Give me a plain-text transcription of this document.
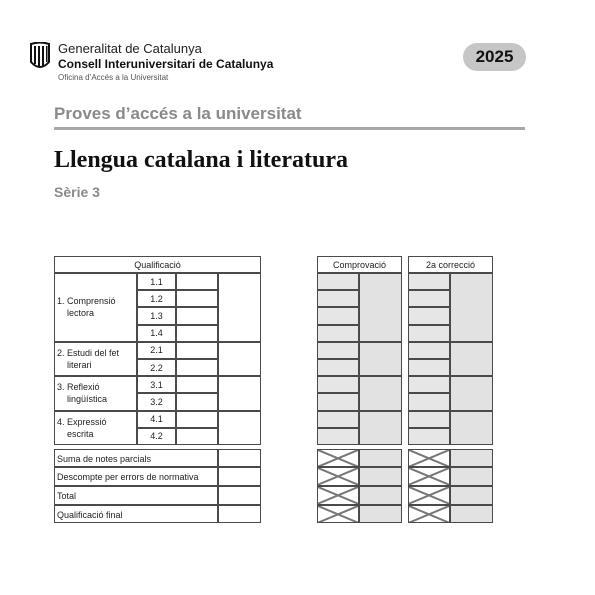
Generalitat de Catalunya
Consell Interuniversitari de Catalunya
Oficina d’Accés a la Universitat
2025
Proves d’accés a la universitat
Llengua catalana i literatura
Sèrie 3
Qualificació
1. Comprensió
lectora
1.1
1.2
1.3
1.4
2. Estudi del fet
literari
2.1
2.2
3. Reflexió
lingüística
3.1
3.2
4. Expressió
escrita
4.1
4.2
Suma de notes parcials
Descompte per errors de normativa
Total
Qualificació final
Comprovació	2a correcció
